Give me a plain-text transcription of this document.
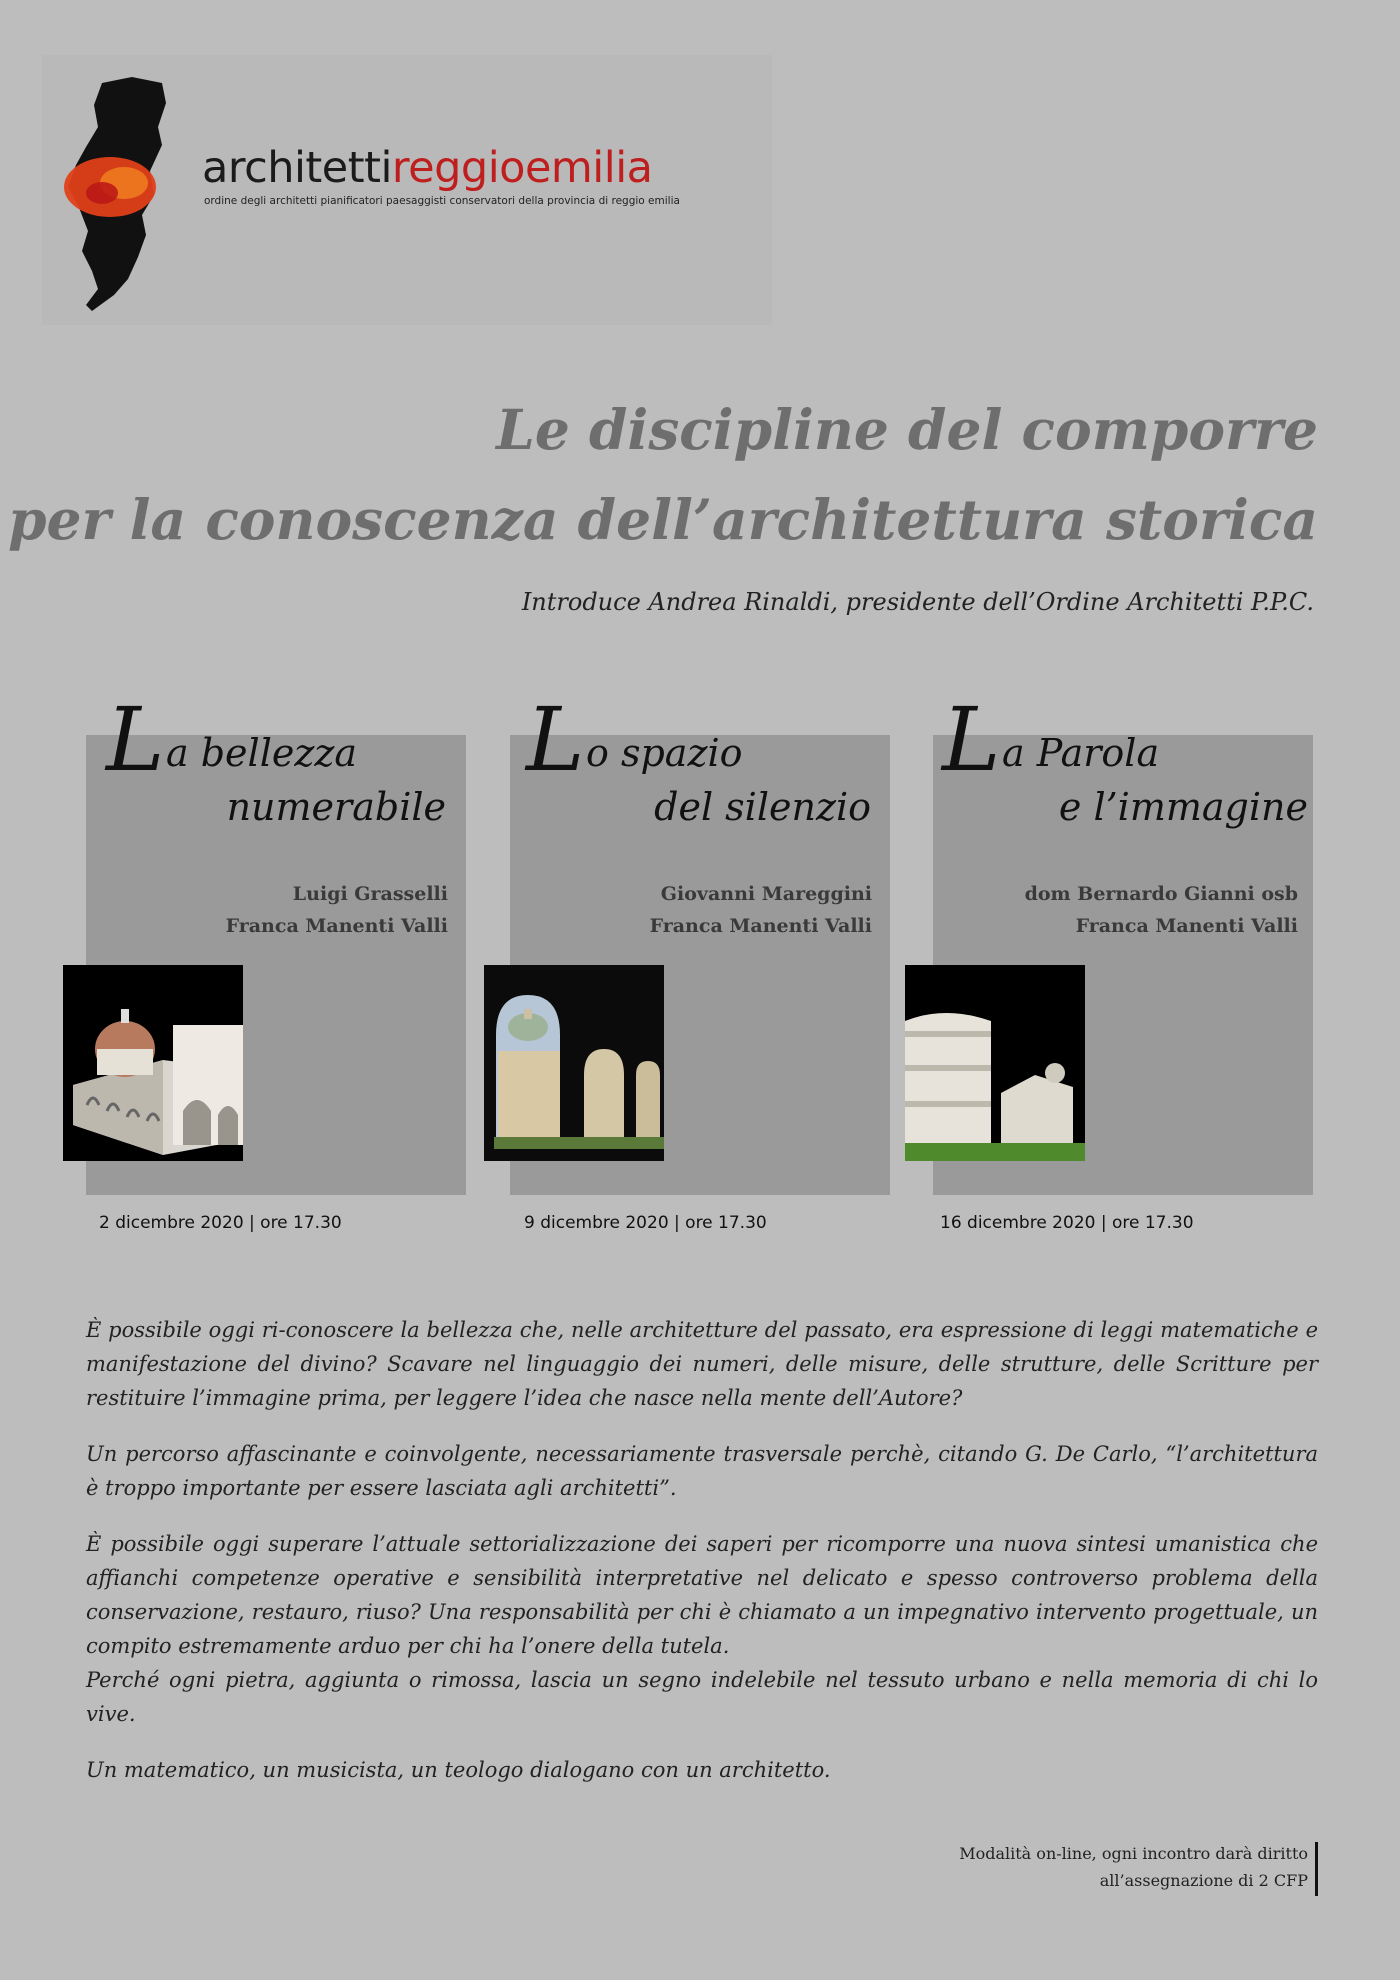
architettireggioemilia
ordine degli architetti pianificatori paesaggisti conservatori della provincia di reggio emilia
Le discipline del comporre
per la conoscenza dell’architettura storica
Introduce Andrea Rinaldi, presidente dell’Ordine Architetti P.P.C.
L a bellezza
numerabile
Luigi Grasselli
Franca Manenti Valli
2 dicembre 2020 | ore 17.30
L o spazio
del silenzio
Giovanni Mareggini
Franca Manenti Valli
9 dicembre 2020 | ore 17.30
L a Parola
e l’immagine
dom Bernardo Gianni osb
Franca Manenti Valli
16 dicembre 2020 | ore 17.30

È possibile oggi ri-conoscere la bellezza che, nelle architetture del passato, era espressione di leggi matematiche e manifestazione del divino? Scavare nel linguaggio dei numeri, delle misure, delle strutture, delle Scritture per restituire l’immagine prima, per leggere l’idea che nasce nella mente dell’Autore?

Un percorso affascinante e coinvolgente, necessariamente trasversale perchè, citando G. De Carlo, “l’architettura è troppo importante per essere lasciata agli architetti”.

È possibile oggi superare l’attuale settorializzazione dei saperi per ricomporre una nuova sintesi umanistica che affianchi competenze operative e sensibilità interpretative nel delicato e spesso controverso problema della conservazione, restauro, riuso? Una responsabilità per chi è chiamato a un impegnativo intervento progettuale, un compito estremamente arduo per chi ha l’onere della tutela.

Perché ogni pietra, aggiunta o rimossa, lascia un segno indelebile nel tessuto urbano e nella memoria di chi lo vive.

Un matematico, un musicista, un teologo dialogano con un architetto.

Modalità on-line, ogni incontro darà diritto
all’assegnazione di 2 CFP
